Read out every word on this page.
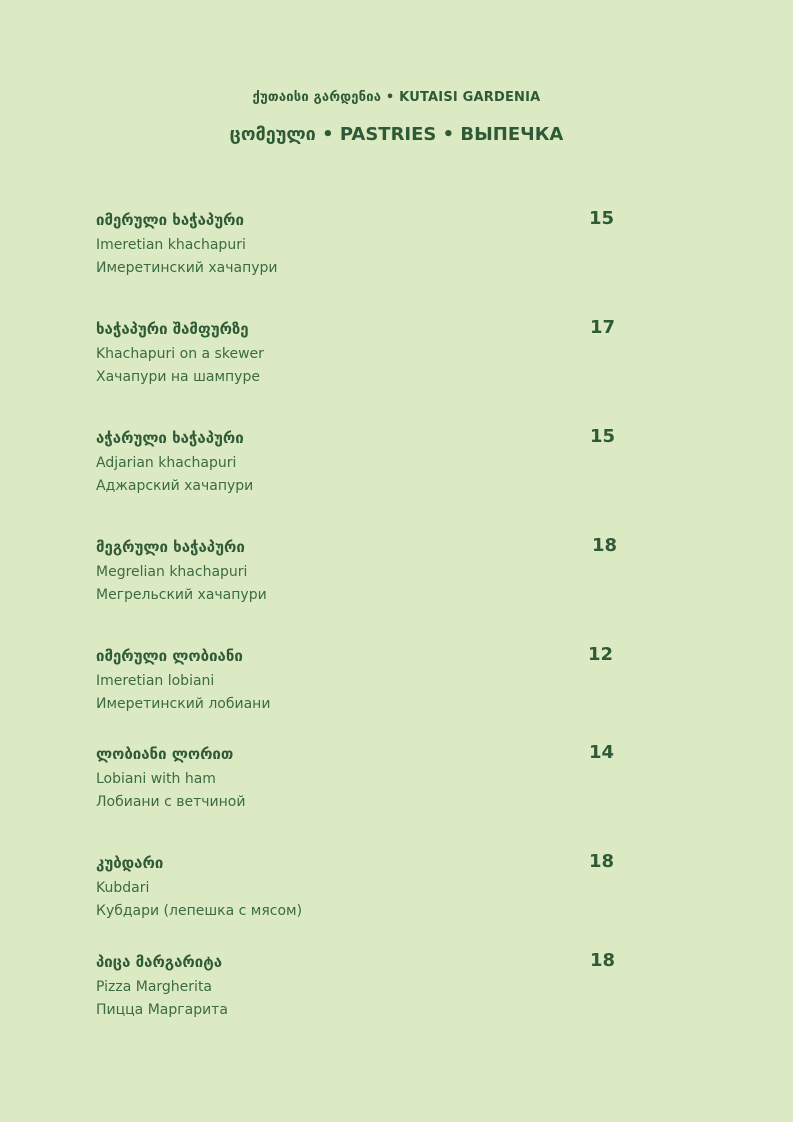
ქუთაისი გარდენია • KUTAISI GARDENIA
ცომეული • PASTRIES • ВЫПЕЧКА
იმერული ხაჭაპური
Imeretian khachapuri
Имеретинский хачапури
15
ხაჭაპური შამფურზე
Khachapuri on a skewer
Хачапури на шампуре
17
აჭარული ხაჭაპური
Adjarian khachapuri
Аджарский хачапури
15
მეგრული ხაჭაპური
Megrelian khachapuri
Мегрельский хачапури
18
იმერული ლობიანი
Imeretian lobiani
Имеретинский лобиани
12
ლობიანი ლორით
Lobiani with ham
Лобиани с ветчиной
14
კუბდარი
Kubdari
Кубдари (лепешка с мясом)
18
პიცა მარგარიტა
Pizza Margherita
Пицца Маргарита
18
